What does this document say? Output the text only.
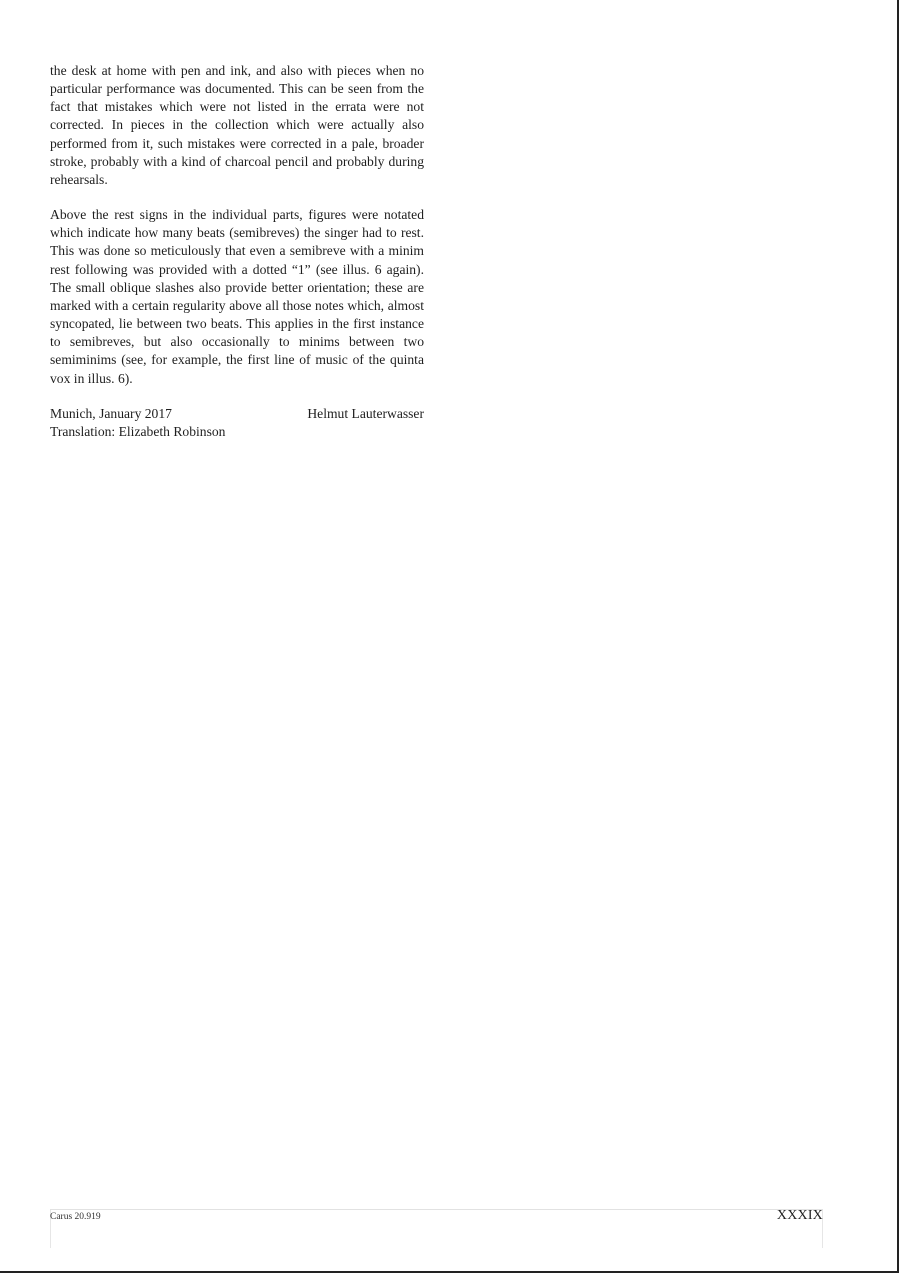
the desk at home with pen and ink, and also with pieces when no particular performance was documented. This can be seen from the fact that mistakes which were not listed in the errata were not corrected. In pieces in the collection which were actually also performed from it, such mistakes were corrected in a pale, broader stroke, probably with a kind of charcoal pencil and probably during rehearsals.

Above the rest signs in the individual parts, figures were notated which indicate how many beats (semibreves) the singer had to rest. This was done so meticulously that even a semibreve with a minim rest following was provided with a dotted “1” (see illus. 6 again). The small oblique slashes also provide better orientation; these are marked with a certain regularity above all those notes which, almost syncopated, lie between two beats. This applies in the first instance to semibreves, but also occasionally to minims between two semiminims (see, for example, the first line of music of the quinta vox in illus. 6).

Munich, January 2017	Helmut Lauterwasser
Translation: Elizabeth Robinson
Carus 20.919	XXXIX
